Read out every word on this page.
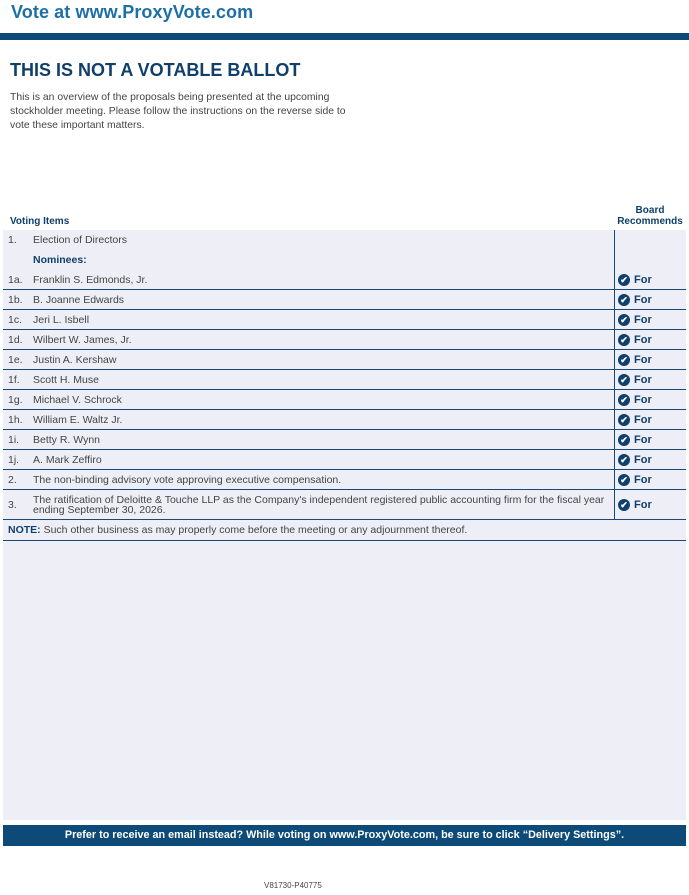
Vote at www.ProxyVote.com
THIS IS NOT A VOTABLE BALLOT
This is an overview of the proposals being presented at the upcoming stockholder meeting. Please follow the instructions on the reverse side to vote these important matters.
Voting Items
Board
Recommends
1.	Election of Directors
Nominees:
1a. Franklin S. Edmonds, Jr.	✔ For
1b. B. Joanne Edwards	✔ For
1c.	Jeri L. Isbell	✔ For
1d. Wilbert W. James, Jr.	✔ For
1e. Justin A. Kershaw	✔ For
1f.	Scott H. Muse	✔ For
1g. Michael V. Schrock	✔ For
1h. William E. Waltz Jr.	✔ For
1i.	Betty R. Wynn	✔ For
1j.	A. Mark Zeffiro	✔ For
2.	The non-binding advisory vote approving executive compensation.	✔ For
3.	The ratification of Deloitte & Touche LLP as the Company's independent registered public accounting firm for the fiscal year ending September 30, 2026.	✔ For
NOTE: Such other business as may properly come before the meeting or any adjournment thereof.
Prefer to receive an email instead? While voting on www.ProxyVote.com, be sure to click “Delivery Settings”.
V81730-P40775
